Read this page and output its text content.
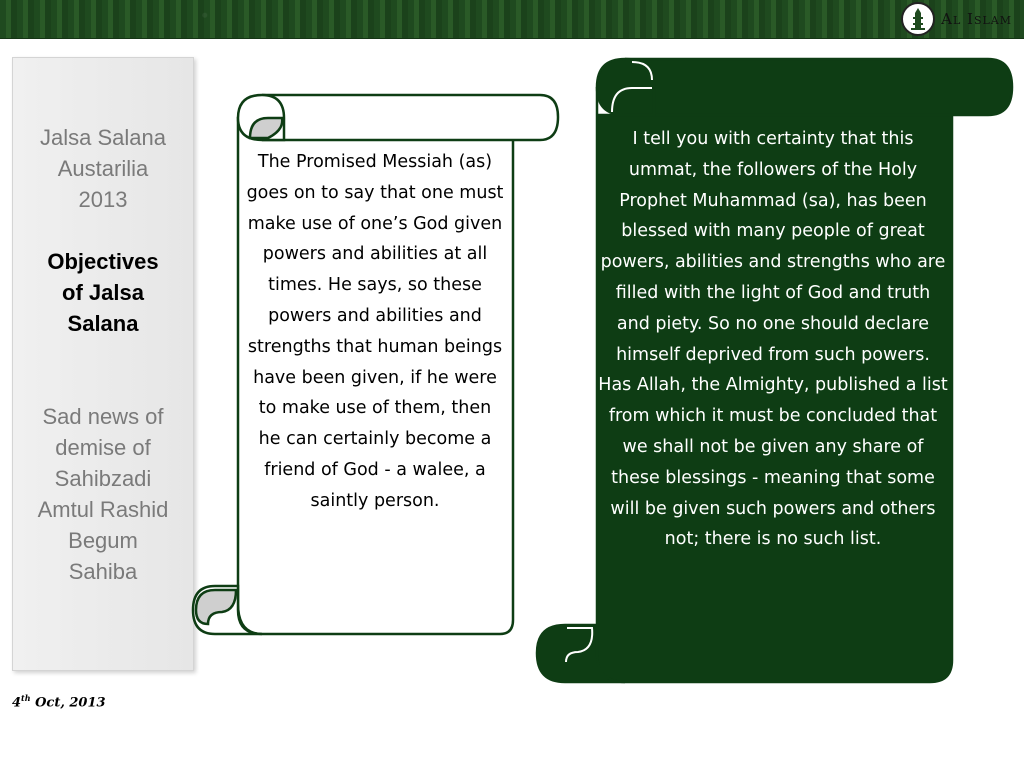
Al Islam
Jalsa Salana
Austarilia
2013
Objectives
of Jalsa
Salana
Sad news of
demise of
Sahibzadi
Amtul Rashid
Begum
Sahiba
4th Oct, 2013
The Promised Messiah (as) goes on to say that one must make use of one’s God given powers and abilities at all times. He says, so these powers and abilities and strengths that human beings have been given, if he were to make use of them, then he can certainly become a friend of God - a walee, a saintly person.
I tell you with certainty that this ummat, the followers of the Holy Prophet Muhammad (sa), has been blessed with many people of great powers, abilities and strengths who are filled with the light of God and truth and piety. So no one should declare himself deprived from such powers. Has Allah, the Almighty, published a list from which it must be concluded that we shall not be given any share of these blessings - meaning that some will be given such powers and others not; there is no such list.
